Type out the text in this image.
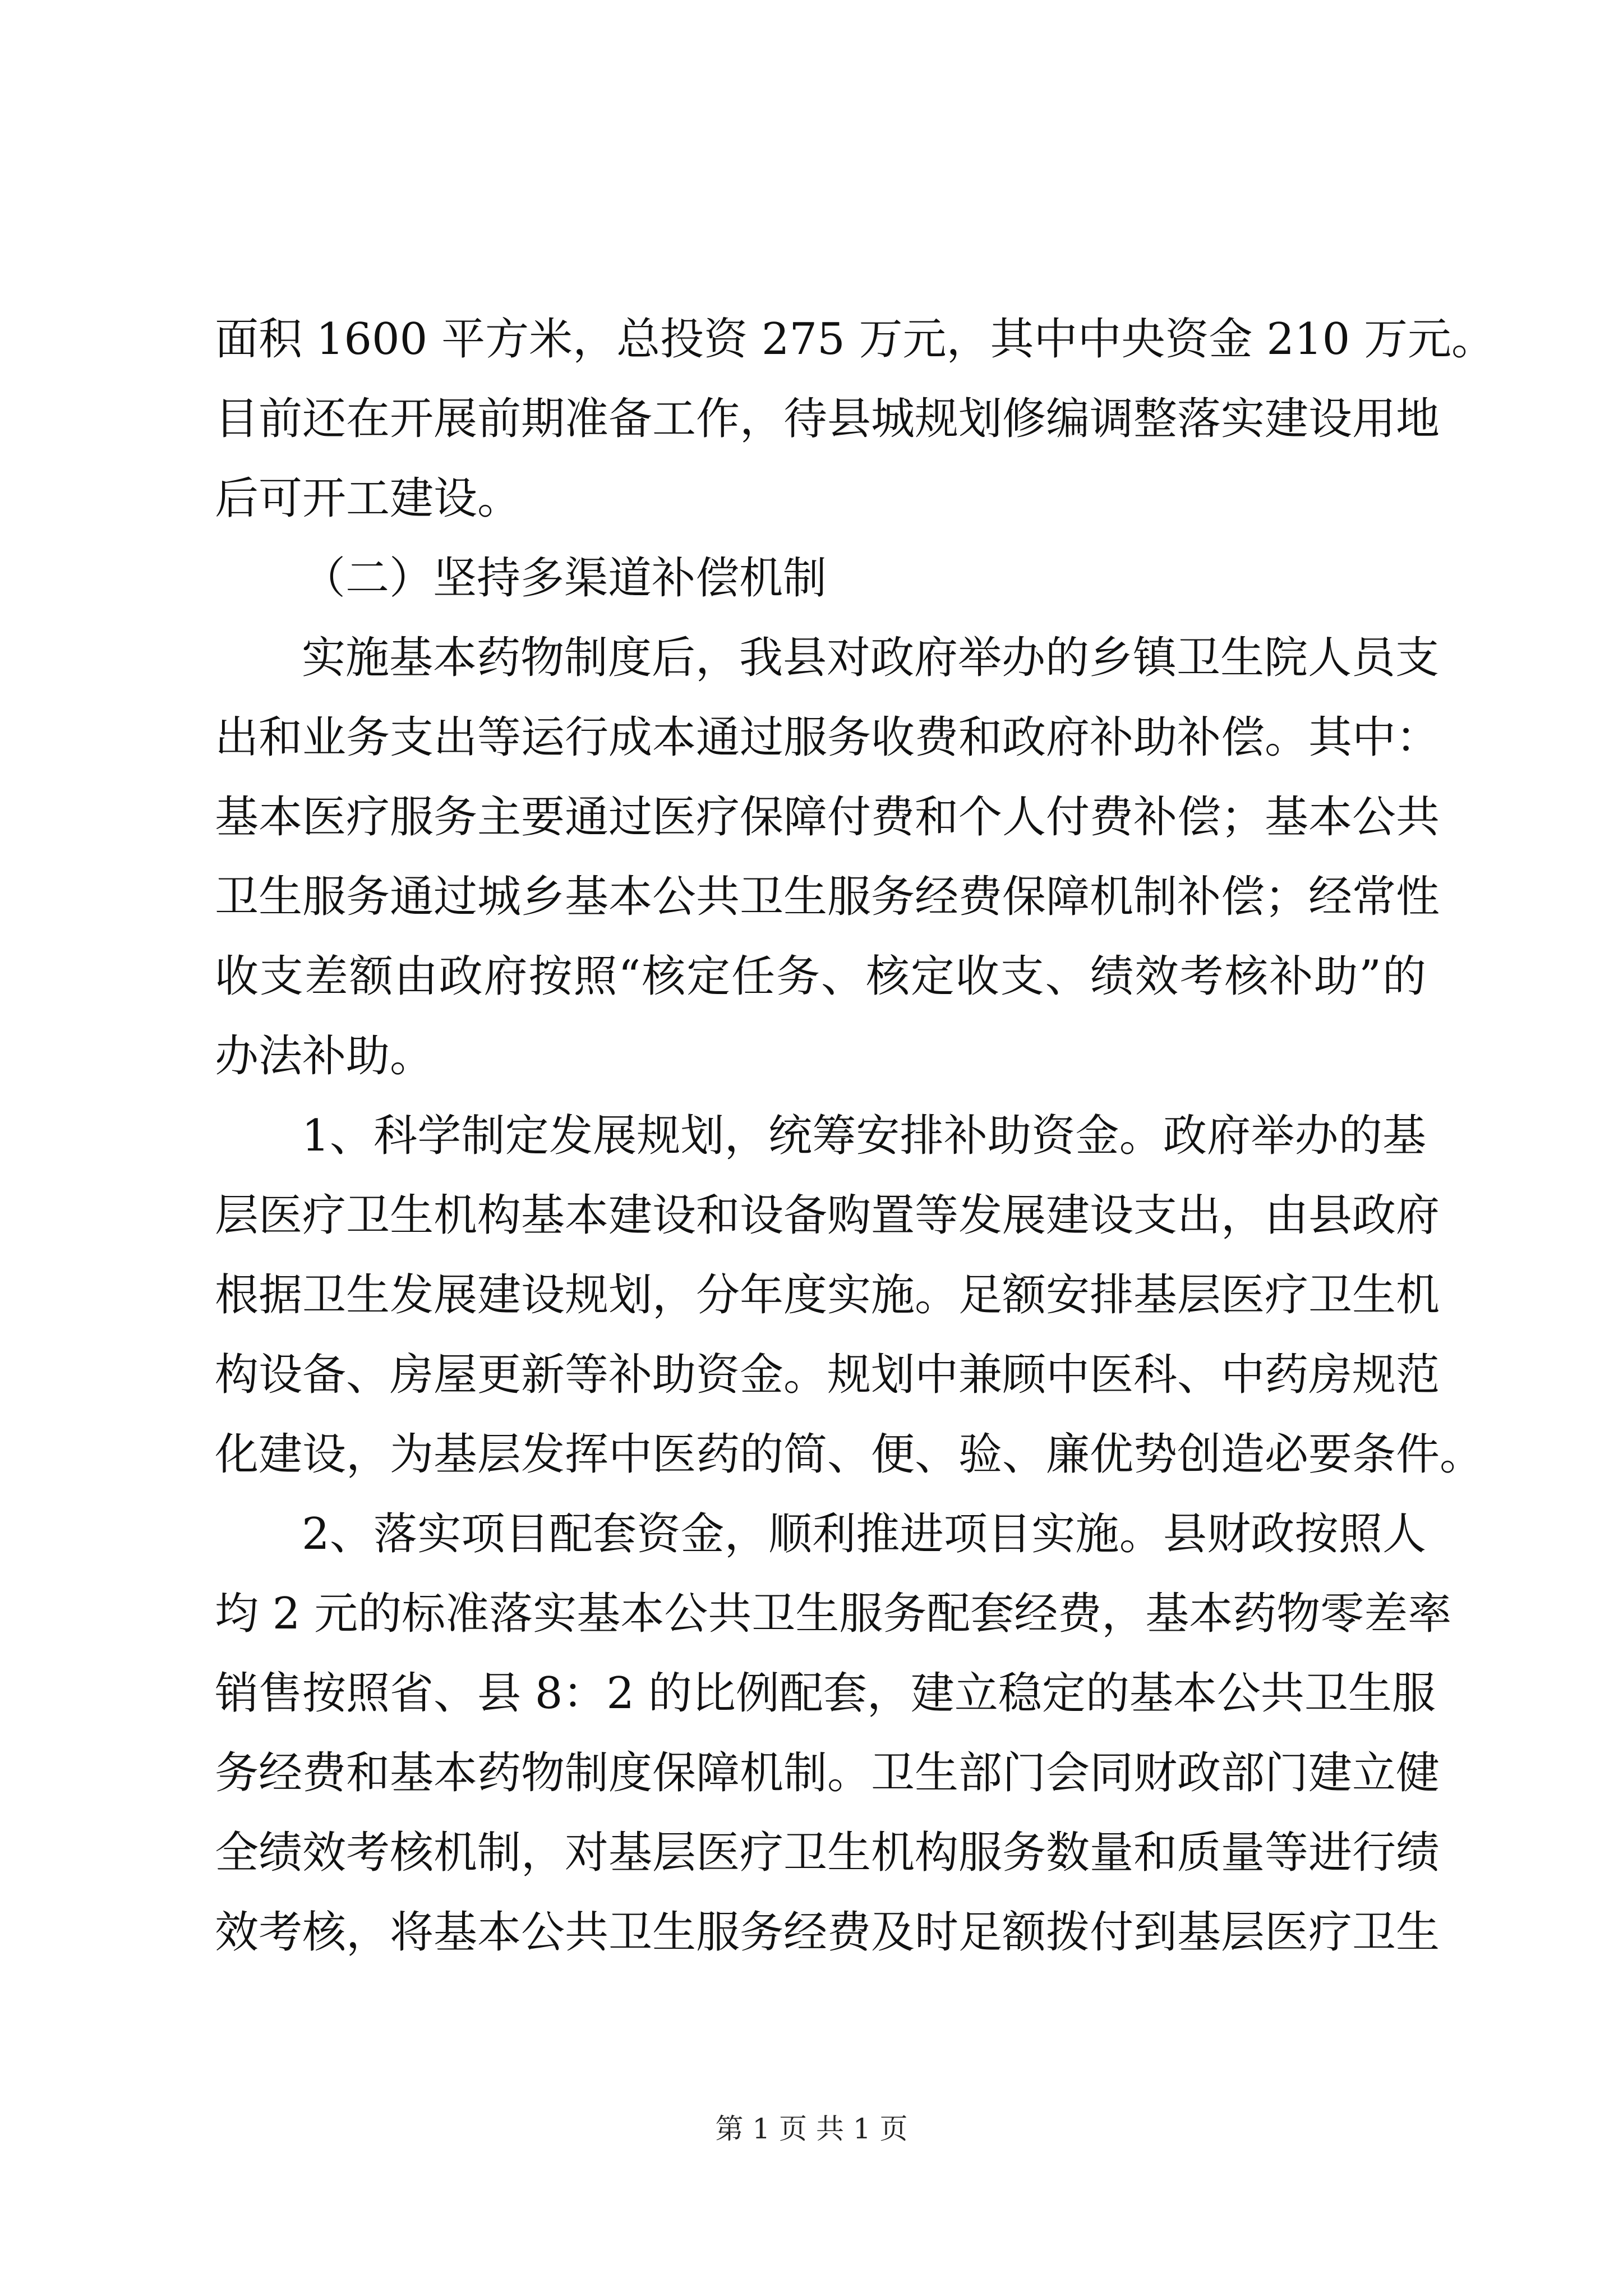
面积 1600 平方米，总投资 275 万元，其中中央资金 210 万元。
目前还在开展前期准备工作，待县城规划修编调整落实建设用地
后可开工建设。
（二）坚持多渠道补偿机制
实施基本药物制度后，我县对政府举办的乡镇卫生院人员支
出和业务支出等运行成本通过服务收费和政府补助补偿。其中：
基本医疗服务主要通过医疗保障付费和个人付费补偿；基本公共
卫生服务通过城乡基本公共卫生服务经费保障机制补偿；经常性
收支差额由政府按照“核定任务、核定收支、绩效考核补助”的
办法补助。
1、科学制定发展规划，统筹安排补助资金。政府举办的基
层医疗卫生机构基本建设和设备购置等发展建设支出，由县政府
根据卫生发展建设规划，分年度实施。足额安排基层医疗卫生机
构设备、房屋更新等补助资金。规划中兼顾中医科、中药房规范
化建设，为基层发挥中医药的简、便、验、廉优势创造必要条件。
2、落实项目配套资金，顺利推进项目实施。县财政按照人
均 2 元的标准落实基本公共卫生服务配套经费，基本药物零差率
销售按照省、县 8：2 的比例配套，建立稳定的基本公共卫生服
务经费和基本药物制度保障机制。卫生部门会同财政部门建立健
全绩效考核机制，对基层医疗卫生机构服务数量和质量等进行绩
效考核，将基本公共卫生服务经费及时足额拨付到基层医疗卫生
第 1 页 共 1 页
